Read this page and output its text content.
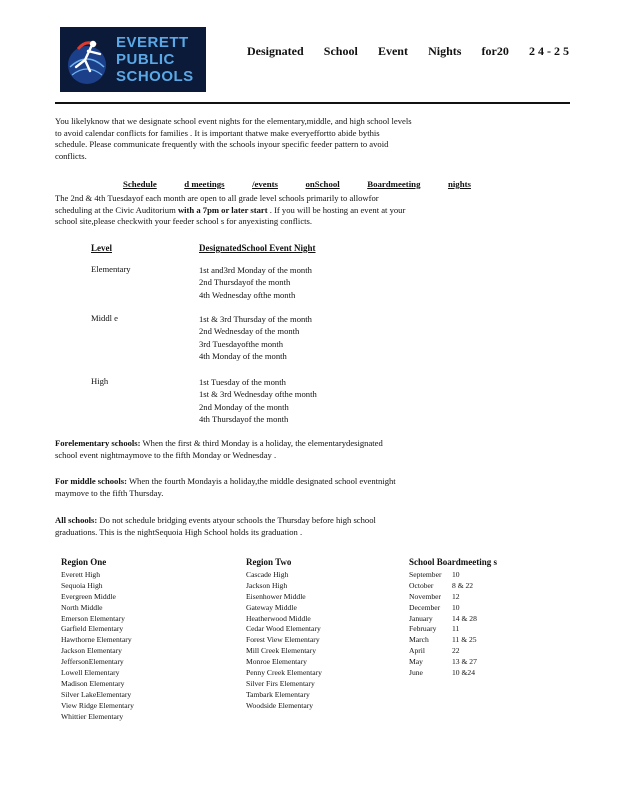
EVERETT
PUBLIC
SCHOOLS
Designated School Event Nights for20 2 4 - 2 5
You likelyknow that we designate school event nights for the elementary,middle, and high school levels
to avoid calendar conflicts for families . It is important thatwe make everyeffortto abide bythis
schedule. Please communicate frequently with the schools inyour specific feeder pattern to avoid
conflicts.
Schedule	d meetings	/events	onSchool	Boardmeeting	nights
The 2nd & 4th Tuesdayof each month are open to all grade level schools primarily to allowfor
scheduling at the Civic Auditorium with a 7pm or later start . If you will be hosting an event at your
school site,please checkwith your feeder school s for anyexisting conflicts.
Level	DesignatedSchool Event Night
Elementary	1st and3rd Monday of the month
2nd Thursdayof the month
4th Wednesday ofthe month
Middl e	1st & 3rd Thursday of the month
2nd Wednesday of the month
3rd Tuesdayofthe month
4th Monday of the month
High	1st Tuesday of the month
1st & 3rd Wednesday ofthe month
2nd Monday of the month
4th Thursdayof the month
Forelementary schools: When the first & third Monday is a holiday, the elementarydesignated
school event nightmaymove to the fifth Monday or Wednesday .
For middle schools: When the fourth Mondayis a holiday,the middle designated school eventnight
maymove to the fifth Thursday.
All schools: Do not schedule bridging events atyour schools the Thursday before high school
graduations. This is the nightSequoia High School holds its graduation .
Region One
Everett High
Sequoia High
Evergreen Middle
North Middle
Emerson Elementary
Garfield Elementary
Hawthorne Elementary
Jackson Elementary
JeffersonElementary
Lowell Elementary
Madison Elementary
Silver LakeElementary
View Ridge Elementary
Whittier Elementary
Region Two
Cascade High
Jackson High
Eisenhower Middle
Gateway Middle
Heatherwood Middle
Cedar Wood Elementary
Forest View Elementary
Mill Creek Elementary
Monroe Elementary
Penny Creek Elementary
Silver Firs Elementary
Tambark Elementary
Woodside Elementary
School Boardmeeting s
September	10
October	8 & 22
November	12
December	10
January	14 & 28
February	11
March	11 & 25
April	22
May	13 & 27
June	10 &24
